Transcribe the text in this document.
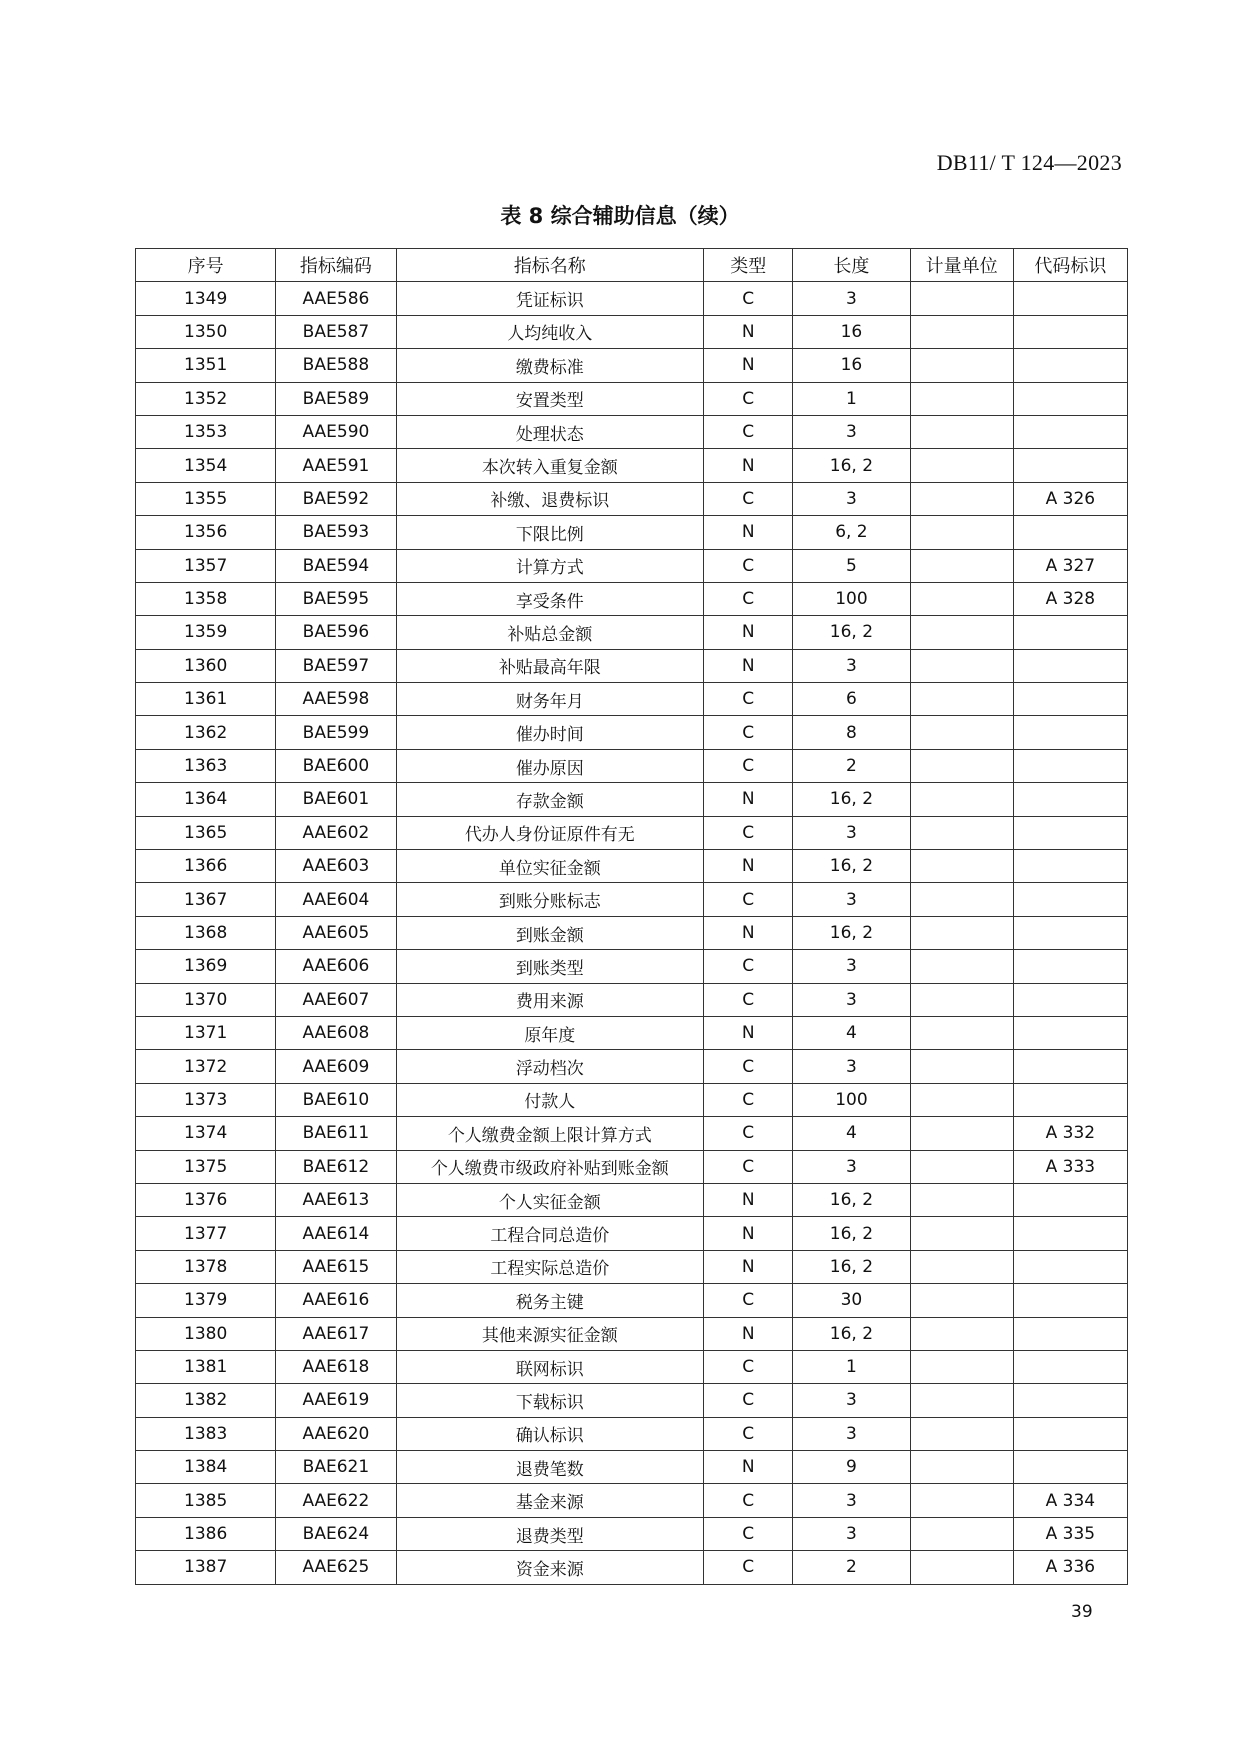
DB11/ T 124—2023
表 8 综合辅助信息（续）
序号	指标编码	指标名称	类型	长度	计量单位	代码标识
1349	AAE586	凭证标识	C	3		
1350	BAE587	人均纯收入	N	16		
1351	BAE588	缴费标准	N	16		
1352	BAE589	安置类型	C	1		
1353	AAE590	处理状态	C	3		
1354	AAE591	本次转入重复金额	N	16, 2		
1355	BAE592	补缴、退费标识	C	3		A 326
1356	BAE593	下限比例	N	6, 2		
1357	BAE594	计算方式	C	5		A 327
1358	BAE595	享受条件	C	100		A 328
1359	BAE596	补贴总金额	N	16, 2		
1360	BAE597	补贴最高年限	N	3		
1361	AAE598	财务年月	C	6		
1362	BAE599	催办时间	C	8		
1363	BAE600	催办原因	C	2		
1364	BAE601	存款金额	N	16, 2		
1365	AAE602	代办人身份证原件有无	C	3		
1366	AAE603	单位实征金额	N	16, 2		
1367	AAE604	到账分账标志	C	3		
1368	AAE605	到账金额	N	16, 2		
1369	AAE606	到账类型	C	3		
1370	AAE607	费用来源	C	3		
1371	AAE608	原年度	N	4		
1372	AAE609	浮动档次	C	3		
1373	BAE610	付款人	C	100		
1374	BAE611	个人缴费金额上限计算方式	C	4		A 332
1375	BAE612	个人缴费市级政府补贴到账金额	C	3		A 333
1376	AAE613	个人实征金额	N	16, 2		
1377	AAE614	工程合同总造价	N	16, 2		
1378	AAE615	工程实际总造价	N	16, 2		
1379	AAE616	税务主键	C	30		
1380	AAE617	其他来源实征金额	N	16, 2		
1381	AAE618	联网标识	C	1		
1382	AAE619	下载标识	C	3		
1383	AAE620	确认标识	C	3		
1384	BAE621	退费笔数	N	9		
1385	AAE622	基金来源	C	3		A 334
1386	BAE624	退费类型	C	3		A 335
1387	AAE625	资金来源	C	2		A 336
39
